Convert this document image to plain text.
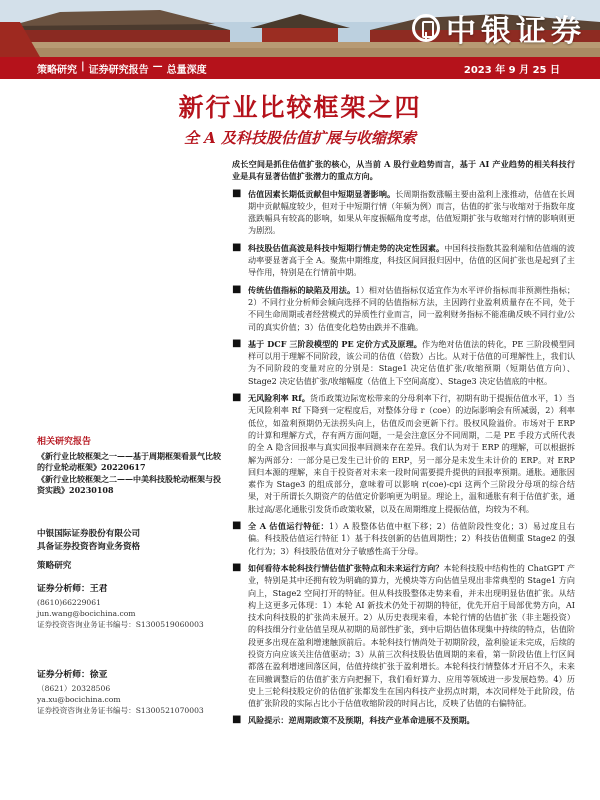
中银证券
策略研究 | 证券研究报告 — 总量深度	2023 年 9 月 25 日
新行业比较框架之四
全 A 及科技股估值扩展与收缩探索
成长空间是抓住估值扩张的核心，从当前 A 股行业趋势而言，基于 AI 产业趋势的相关科技行业是具有显著估值扩张潜力的重点方向。
■ 估值因素长期低贡献但中短期显著影响。长周期指数涨幅主要由盈利上涨推动，估值在长周期中贡献幅度较少，但对于中短期行情（年频为例）而言，估值的扩张与收缩对于指数年度涨跌幅具有较高的影响，如果从年度振幅角度考虑，估值短期扩张与收缩对行情的影响则更为剧烈。
■ 科技股估值高波是科技中短期行情走势的决定性因素。中国科技指数其盈利端和估值端的波动率要显著高于全 A。聚焦中期维度，科技区间回报归因中，估值的区间扩张也是起到了主导作用，特别是在行情前中期。
■ 传统估值指标的缺陷及用法。1）相对估值指标仅适宜作为水平评价指标而非预测性指标；2）不同行业分析师会倾向选择不同的估值指标方法，主因跨行业盈利质量存在不同，处于不同生命周期或者经营模式的异质性行业而言，同一盈利财务指标不能准确反映不同行业/公司的真实价值；3）估值变化趋势由跌并不准确。
■ 基于 DCF 三阶段模型的 PE 定价方式及原理。作为绝对估值法的转化，PE 三阶段模型同样可以用于理解不同阶段，该公司的估值（倍数）占比。从对于估值的可理解性上，我们认为不同阶段的变量对应的分别是：Stage1 决定估值扩张/收缩预期（短期估值方向）、Stage2 决定估值扩张/收缩幅度（估值上下空间高度）、Stage3 决定估值底的中枢。
■ 无风险利率 Rf。货币政策边际宽松带来的分母利率下行，初期有助于提振估值水平，1）当无风险利率 Rf 下降到一定程度后，对整体分母 r（coe）的边际影响会有所减弱，2）利率低位，如盈利预期仍无法拐头向上，估值反而会更新下行。股权风险溢价。市场对于 ERP 的计算和理解方式，存有两方面问题，一是会注意区分不同周期，二是 PE 手段方式所代表的全 A 隐含回报率与真实回报率回测来存在差异。我们认为对于 ERP 的理解，可以根据拆解为两部分：一部分是已发生已计价的 ERP，另一部分是未发生未计价的 ERP。对 ERP 回归本源的理解，来自于投资者对未来一段时间需要提升提供的回报率预期。通胀。通胀因素作为 Stage3 的组成部分，意味着可以影响 r(coe)-cpi 这两个三阶段分母项的综合结果，对于所谓长久期资产的估值定价影响更为明显。理论上，温和通胀有利于估值扩张，通胀过高/恶化通胀引发货币政策收紧，以及在周期维度上提振估值，均较为不利。
■ 全 A 估值运行特征：1）A 股整体估值中枢下移；2）估值阶段性变化；3）易过度且右偏。科技股估值运行特征 1）基于科技创新的估值周期性；2）科技估值侧重 Stage2 的强化行为；3）科技股估值对分子敏感性高于分母。
■ 如何看待本轮科技行情估值扩张特点和未来运行方向？本轮科技股中结构性的 ChatGPT 产业，特别是其中还拥有较为明确的算力，光模块等方向估值呈现出非常典型的 Stage1 方向向上，Stage2 空间打开的特征。但从科技股整体走势来看，并未出现明显估值扩张。从结构上这更多元体现：1）本轮 AI 新技术仍处于初期的特征，优先开启于局部优势方向，AI 技术向科技股的扩张尚未展开。2）从历史表现来看，本轮行情的估值扩张（非主题投资）的科技细分行业估值呈现从初期的局部性扩张，到中后期估值体现集中持续的特点，估值阶段更多出现在盈利增速触顶前后。本轮科技行情尚处于初期阶段，盈利验证未完成，后续的投资方向应该关注估值驱动；3）从前三次科技股估值周期的来看，第一阶段估值上行区间都落在盈利增速回落区间，估值持续扩张于盈利增长。本轮科技行情整体才开启不久，未来在回撤调整后的估值扩张方向把握下，我们看好算力、应用等领域进一步发展趋势。4）历史上三轮科技股定价的估值扩张都发生在国内科技产业拐点时期，本次同样处于此阶段，估值扩张阶段的实际占比小于估值收缩阶段的时间占比，反映了估值的右偏特征。
■ 风险提示：逆周期政策不及预期，科技产业革命进展不及预期。
相关研究报告
《新行业比较框架之一——基于周期框架看景气比较的行业轮动框架》20220617
《新行业比较框架之二——中美科技股轮动框架与投资实践》20230108
中银国际证券股份有限公司
具备证券投资咨询业务资格
策略研究
证券分析师：王君
(8610)66229061
jun.wang@bocichina.com
证券投资咨询业务证书编号：S1300519060003
证券分析师：徐亚
（8621）20328506
ya.xu@bocichina.com
证券投资咨询业务证书编号：S1300521070003
